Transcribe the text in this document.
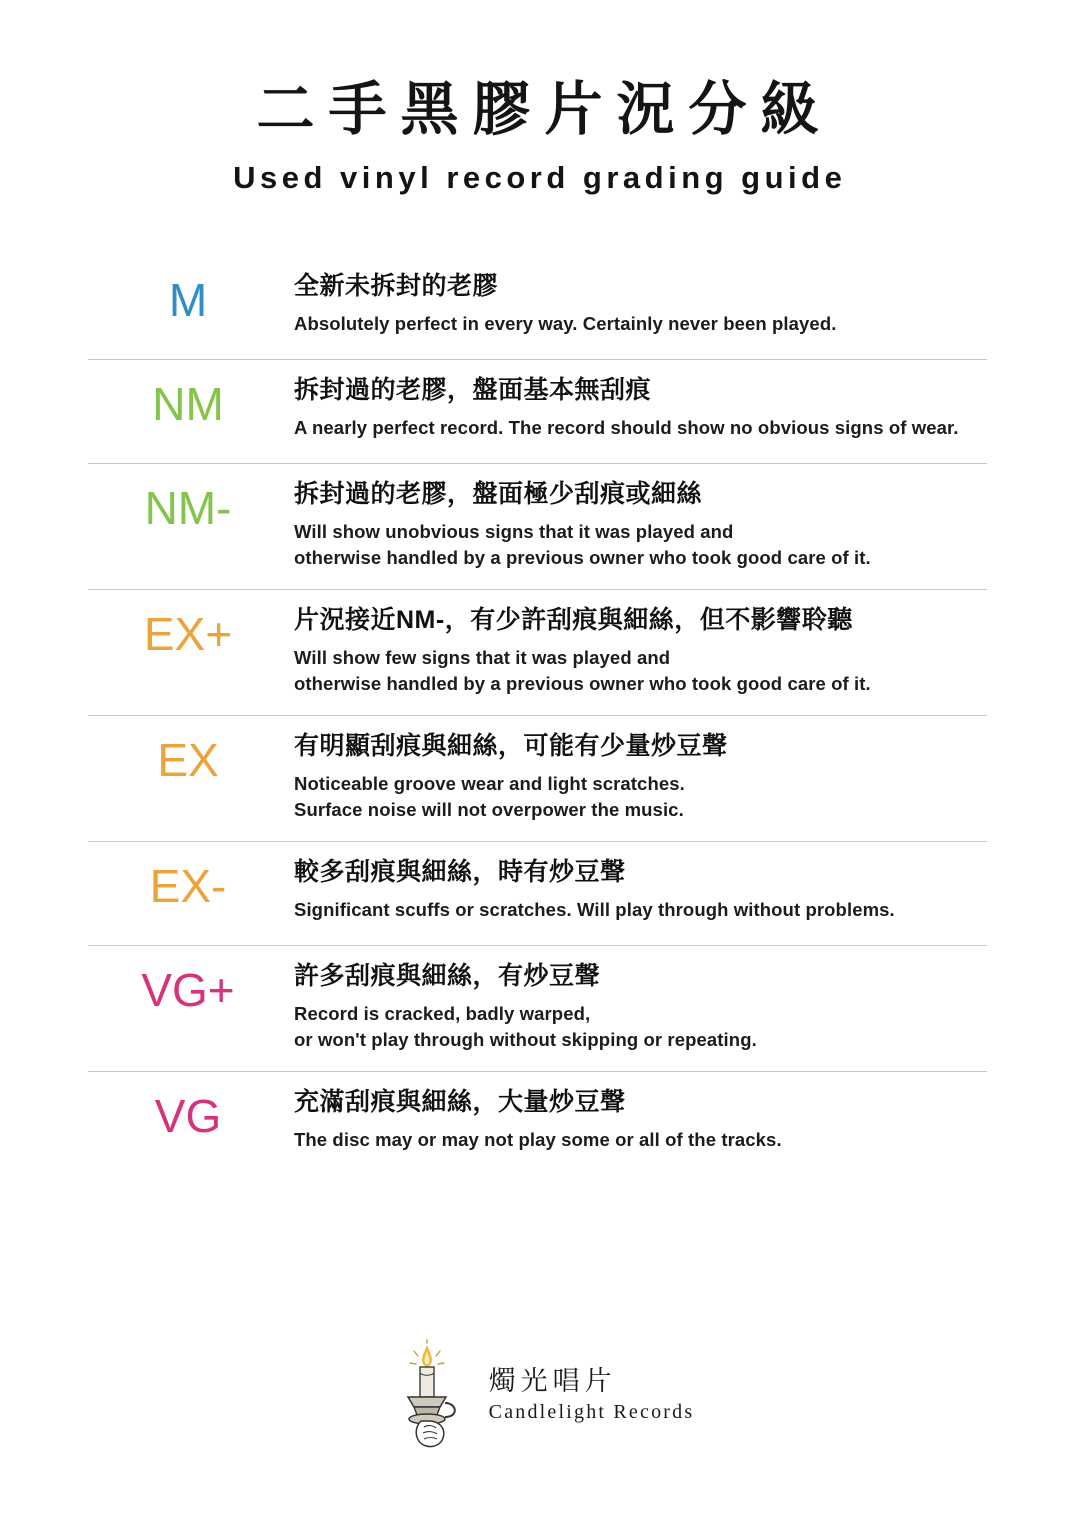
二手黑膠片況分級
Used vinyl record grading guide
M	全新未拆封的老膠
Absolutely perfect in every way. Certainly never been played.
NM	拆封過的老膠，盤面基本無刮痕
A nearly perfect record. The record should show no obvious signs of wear.
NM-	拆封過的老膠，盤面極少刮痕或細絲
Will show unobvious signs that it was played and
otherwise handled by a previous owner who took good care of it.
EX+	片況接近NM-，有少許刮痕與細絲，但不影響聆聽
Will show few signs that it was played and
otherwise handled by a previous owner who took good care of it.
EX	有明顯刮痕與細絲，可能有少量炒豆聲
Noticeable groove wear and light scratches.
Surface noise will not overpower the music.
EX-	較多刮痕與細絲，時有炒豆聲
Significant scuffs or scratches. Will play through without problems.
VG+	許多刮痕與細絲，有炒豆聲
Record is cracked, badly warped,
or won't play through without skipping or repeating.
VG	充滿刮痕與細絲，大量炒豆聲
The disc may or may not play some or all of the tracks.
燭光唱片
Candlelight Records
